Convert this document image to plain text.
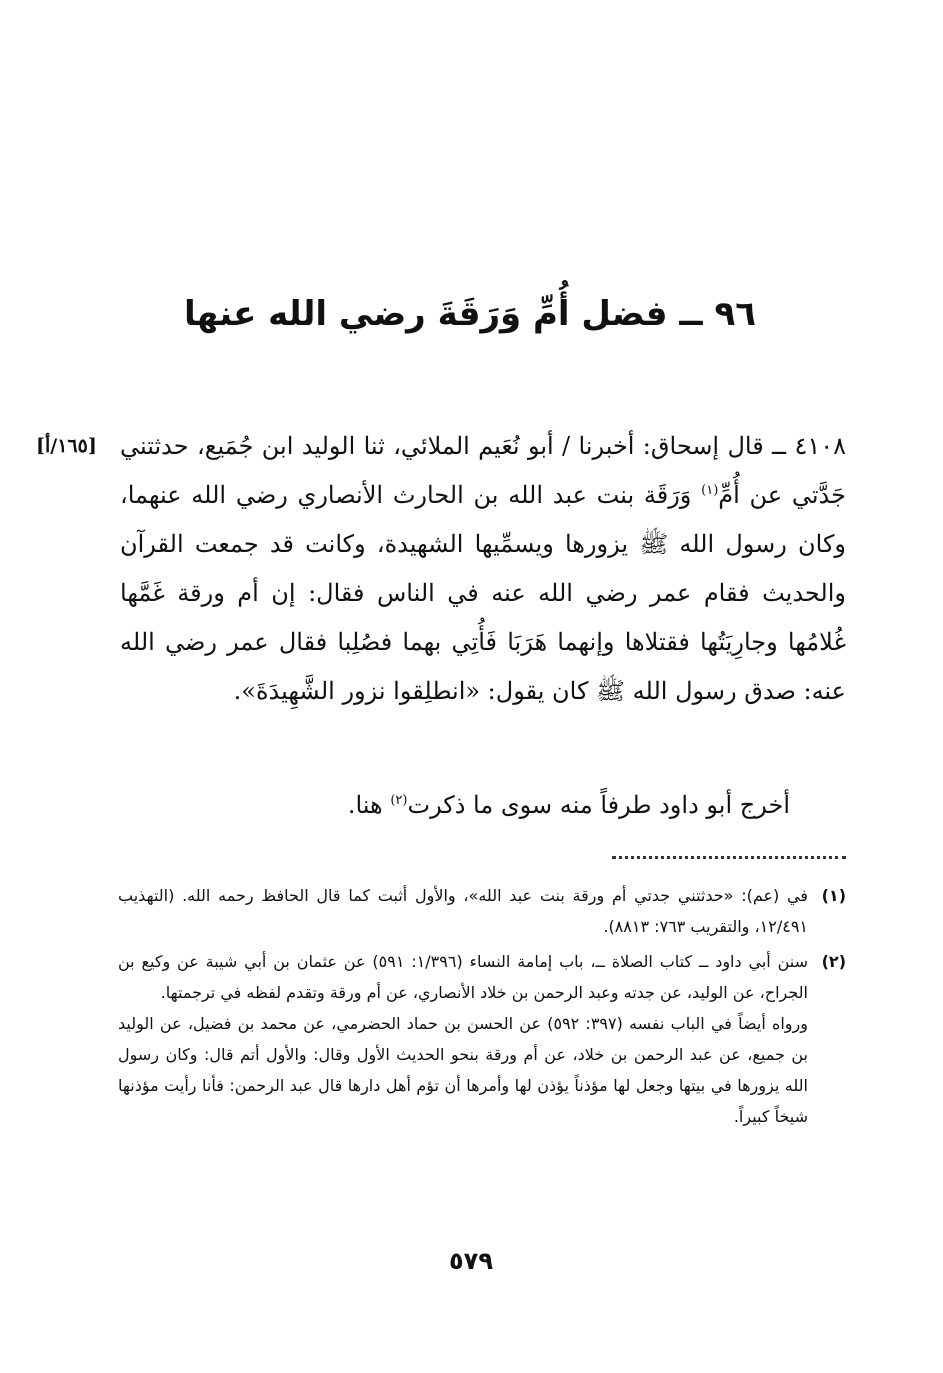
٩٦ ــ فضل أُمِّ وَرَقَةَ رضي الله عنها
[١٦٥/أ] ٤١٠٨ ــ قال إسحاق: أخبرنا / أبو نُعَيم الملائي، ثنا الوليد ابن جُمَيع، حدثتني جَدَّتي عن أُمِّ$^{(١)}$ وَرَقَة بنت عبد الله بن الحارث الأنصاري رضي الله عنهما، وكان رسول الله ﷺ يزورها ويسمِّيها الشهيدة، وكانت قد جمعت القرآن والحديث فقام عمر رضي الله عنه في الناس فقال: إن أم ورقة غَمَّها غُلامُها وجارِيَتُها فقتلاها وإنهما هَرَبَا فَأُتِي بهما فصُلِبا فقال عمر رضي الله عنه: صدق رسول الله ﷺ كان يقول: «انطلِقوا نزور الشَّهِيدَةَ».

أخرج أبو داود طرفاً منه سوى ما ذكرت$^{(٢)}$ هنا.

(١)

في (عم): «حدثتني جدتي أم ورقة بنت عبد الله»، والأول أثبت كما قال الحافظ رحمه الله. (التهذيب ١٢/٤٩١، والتقريب ٧٦٣: ٨٨١٣).

(٢)

سنن أبي داود ــ كتاب الصلاة ــ، باب إمامة النساء (١/٣٩٦: ٥٩١) عن عثمان بن أبي شيبة عن وكيع بن الجراح، عن الوليد، عن جدته وعبد الرحمن بن خلاد الأنصاري، عن أم ورقة وتقدم لفظه في ترجمتها.

ورواه أيضاً في الباب نفسه (٣٩٧: ٥٩٢) عن الحسن بن حماد الحضرمي، عن محمد بن فضيل، عن الوليد بن جميع، عن عبد الرحمن بن خلاد، عن أم ورقة بنحو الحديث الأول وقال: والأول أتم قال: وكان رسول الله يزورها في بيتها وجعل لها مؤذناً يؤذن لها وأمرها أن تؤم أهل دارها قال عبد الرحمن: فأنا رأيت مؤذنها شيخاً كبيراً.

٥٧٩
